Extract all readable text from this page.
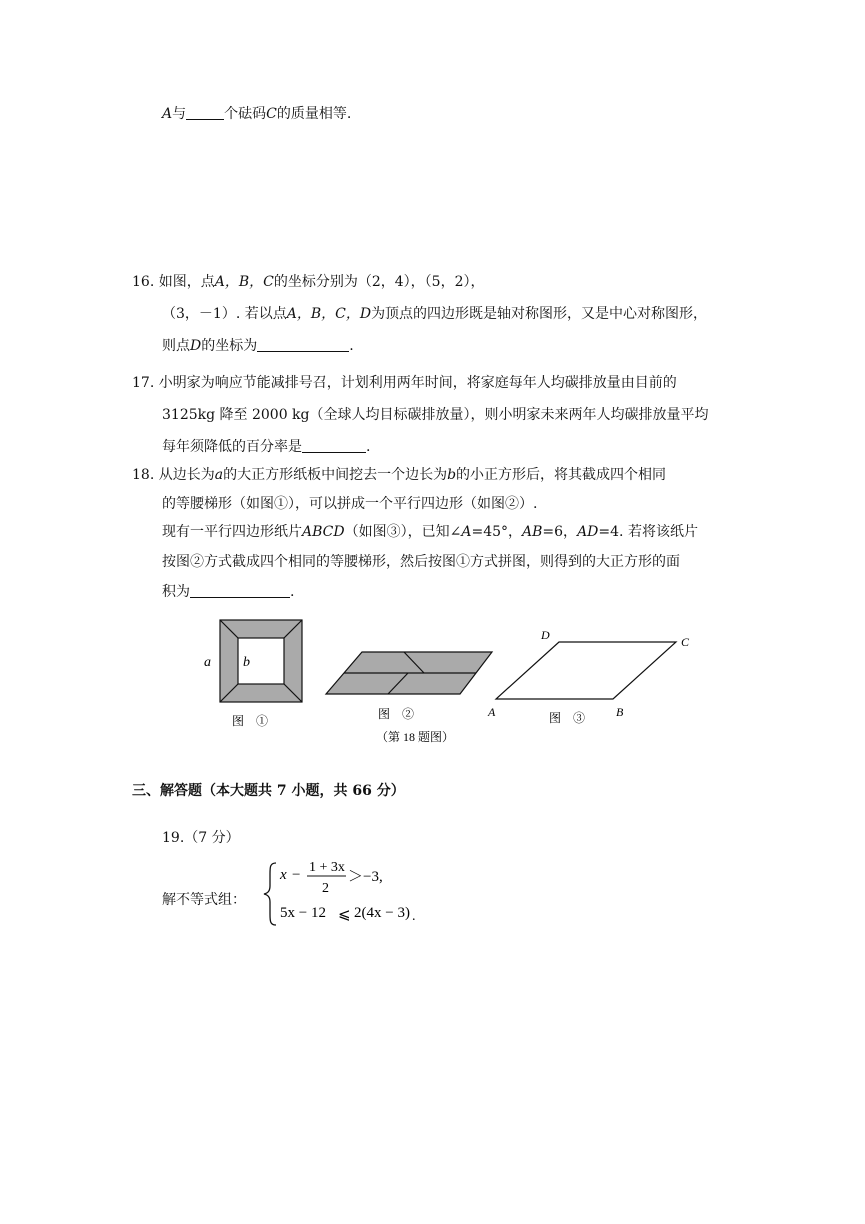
A与	个砝码C的质量相等.
16. 如图，点A，B，C的坐标分别为（2，4），（5，2），
（3，－1）. 若以点A，B，C，D为顶点的四边形既是轴对称图形，又是中心对称图形，
则点D的坐标为	.
17. 小明家为响应节能减排号召，计划利用两年时间，将家庭每年人均碳排放量由目前的
3125kg 降至 2000 kg（全球人均目标碳排放量），则小明家未来两年人均碳排放量平均
每年须降低的百分率是	.
18. 从边长为a的大正方形纸板中间挖去一个边长为b的小正方形后，将其截成四个相同
的等腰梯形（如图①），可以拼成一个平行四边形（如图②）.
现有一平行四边形纸片ABCD（如图③），已知∠A=45°，AB=6，AD=4. 若将该纸片
按图②方式截成四个相同的等腰梯形，然后按图①方式拼图，则得到的大正方形的面
积为	.
a b
图　①	图　②	A	B
C
D
图　③
（第 18 题图）
三、解答题（本大题共 7 小题，共 66 分）
19.（7 分）
解不等式组：
x − 1 + 3x
2
＞−3,
5x − 12 ⩽ 2(4x − 3) .
